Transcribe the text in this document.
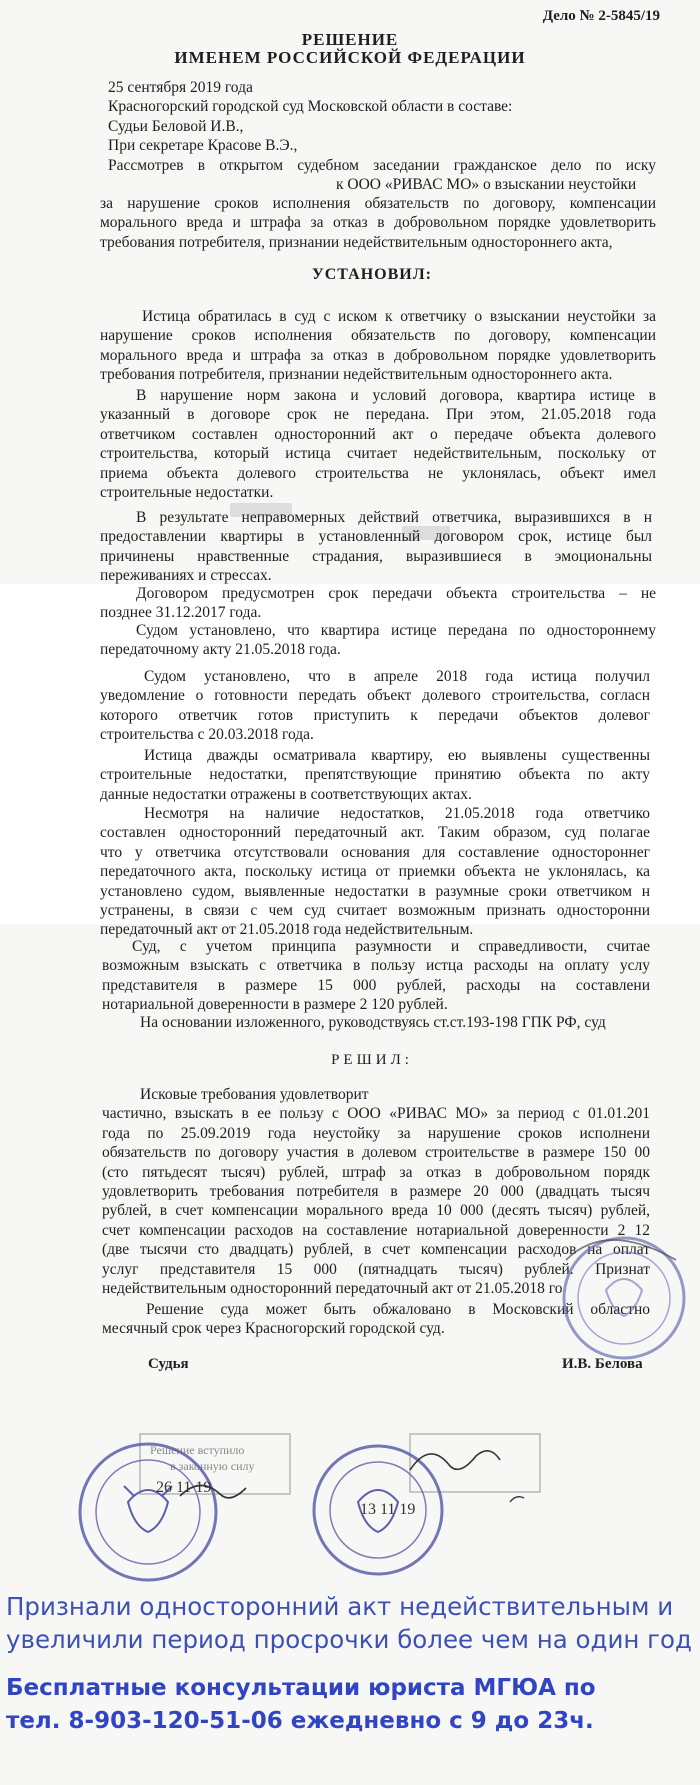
Дело № 2-5845/19
РЕШЕНИЕ
ИМЕНЕМ РОССИЙСКОЙ ФЕДЕРАЦИИ
25 сентября 2019 года
Красногорский городской суд Московской области в составе:
Судьи Беловой И.В.,
При секретаре Красове В.Э.,
Рассмотрев в открытом судебном заседании гражданское дело по иску
к ООО «РИВАС МО» о взыскании неустойки
за нарушение сроков исполнения обязательств по договору, компенсации
морального вреда и штрафа за отказ в добровольном порядке удовлетворить
требования потребителя, признании недействительным одностороннего акта,
УСТАНОВИЛ:
Истица обратилась в суд с иском к ответчику о взыскании неустойки за
нарушение сроков исполнения обязательств по договору, компенсации
морального вреда и штрафа за отказ в добровольном порядке удовлетворить
требования потребителя, признании недействительным одностороннего акта.
В нарушение норм закона и условий договора, квартира истице в
указанный в договоре срок не передана. При этом, 21.05.2018 года
ответчиком составлен односторонний акт о передаче объекта долевого
строительства, который истица считает недействительным, поскольку от
приема объекта долевого строительства не уклонялась, объект имел
строительные недостатки.
В результате неправомерных действий ответчика, выразившихся в н
предоставлении квартиры в установленный договором срок, истице был
причинены нравственные страдания, выразившиеся в эмоциональны
переживаниях и стрессах.
Договором предусмотрен срок передачи объекта строительства – не
позднее 31.12.2017 года.
Судом установлено, что квартира истице передана по одностороннему
передаточному акту 21.05.2018 года.
Судом установлено, что в апреле 2018 года истица получил
уведомление о готовности передать объект долевого строительства, согласн
которого ответчик готов приступить к передачи объектов долевог
строительства с 20.03.2018 года.
Истица дважды осматривала квартиру, ею выявлены существенны
строительные недостатки, препятствующие принятию объекта по акту
данные недостатки отражены в соответствующих актах.
Несмотря на наличие недостатков, 21.05.2018 года ответчико
составлен односторонний передаточный акт. Таким образом, суд полагае
что у ответчика отсутствовали основания для составление одностороннег
передаточного акта, поскольку истица от приемки объекта не уклонялась, ка
установлено судом, выявленные недостатки в разумные сроки ответчиком н
устранены, в связи с чем суд считает возможным признать односторонни
передаточный акт от 21.05.2018 года недействительным.
Суд, с учетом принципа разумности и справедливости, считае
возможным взыскать с ответчика в пользу истца расходы на оплату услу
представителя в размере 15 000 рублей, расходы на составлени
нотариальной доверенности в размере 2 120 рублей.
На основании изложенного, руководствуясь ст.ст.193-198 ГПК РФ, суд
РЕШИЛ:
Исковые требования удовлетворит
частично, взыскать в ее пользу с ООО «РИВАС МО» за период с 01.01.201
года по 25.09.2019 года неустойку за нарушение сроков исполнени
обязательств по договору участия в долевом строительстве в размере 150 00
(сто пятьдесят тысяч) рублей, штраф за отказ в добровольном порядк
удовлетворить требования потребителя в размере 20 000 (двадцать тысяч
рублей, в счет компенсации морального вреда 10 000 (десять тысяч) рублей,
счет компенсации расходов на составление нотариальной доверенности 2 12
(две тысячи сто двадцать) рублей, в счет компенсации расходов на оплат
услуг представителя 15 000 (пятнадцать тысяч) рублей. Признат
недействительным односторонний передаточный акт от 21.05.2018 го
Решение суда может быть обжаловано в Московский областно
месячный срок через Красногорский городской суд.
Судья	И.В. Белова
Решение вступило
в законную силу
26 11 19
13 11 19
Признали односторонний акт недействительным и
увеличили период просрочки более чем на один год
Бесплатные консультации юриста МГЮА по
тел. 8-903-120-51-06 ежедневно с 9 до 23ч.
